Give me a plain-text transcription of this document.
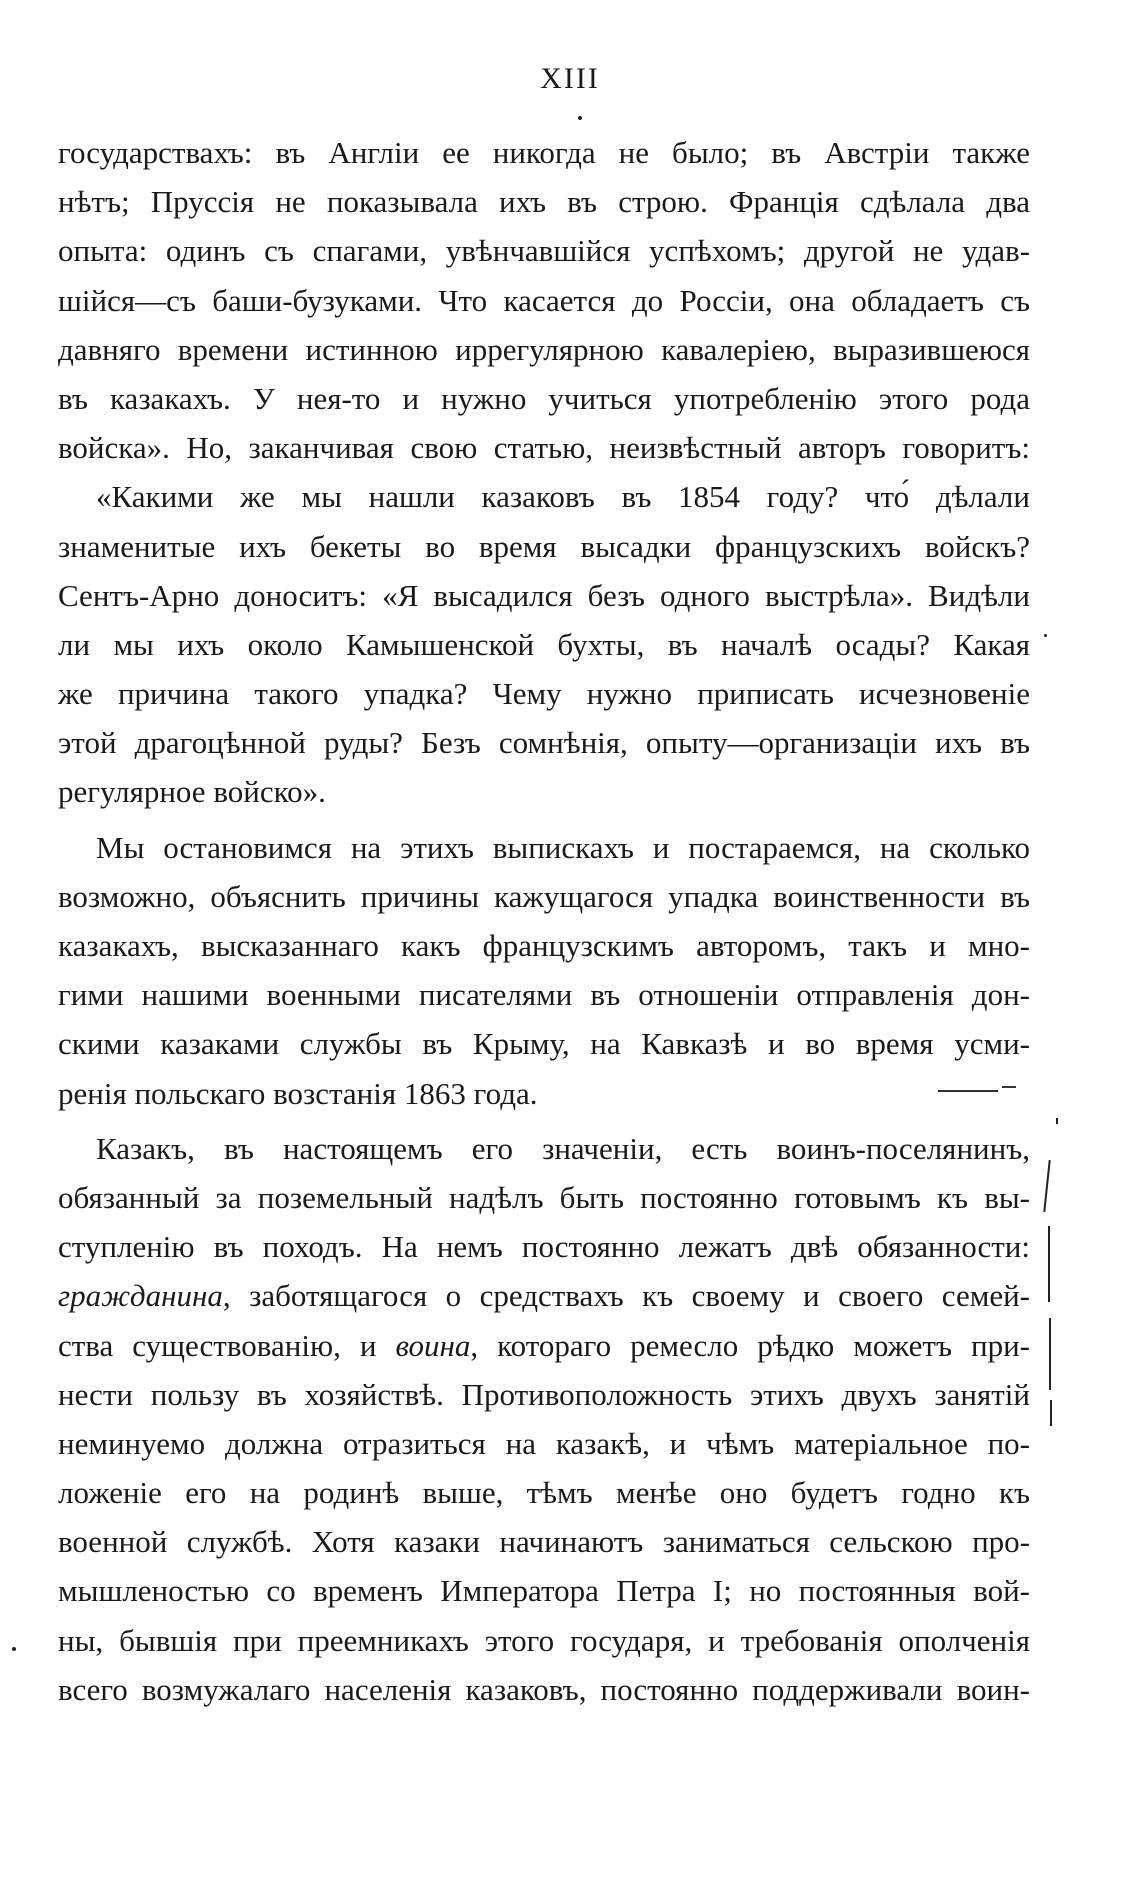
XIII
государствахъ: въ Англіи ее никогда не было; въ Австріи также
нѣтъ; Пруссія не показывала ихъ въ строю. Франція сдѣлала два
опыта: одинъ съ спагами, увѣнчавшійся успѣхомъ; другой не удав-
шійся—съ баши-бузуками. Что касается до Россіи, она обладаетъ съ
давняго времени истинною иррегулярною кавалеріею, выразившеюся
въ казакахъ. У нея-то и нужно учиться употребленію этого рода
войска». Но, заканчивая свою статью, неизвѣстный авторъ говоритъ:
«Какими же мы нашли казаковъ въ 1854 году? что́ дѣлали
знаменитые ихъ бекеты во время высадки французскихъ войскъ?
Сентъ-Арно доноситъ: «Я высадился безъ одного выстрѣла». Видѣли
ли мы ихъ около Камышенской бухты, въ началѣ осады? Какая
же причина такого упадка? Чему нужно приписать исчезновеніе
этой драгоцѣнной руды? Безъ сомнѣнія, опыту—организаціи ихъ въ
регулярное войско».
Мы остановимся на этихъ выпискахъ и постараемся, на сколько
возможно, объяснить причины кажущагося упадка воинственности въ
казакахъ, высказаннаго какъ французскимъ авторомъ, такъ и мно-
гими нашими военными писателями въ отношеніи отправленія дон-
скими казаками службы въ Крыму, на Кавказѣ и во время усми-
ренія польскаго возстанія 1863 года.
Казакъ, въ настоящемъ его значеніи, есть воинъ-поселянинъ,
обязанный за поземельный надѣлъ быть постоянно готовымъ къ вы-
ступленію въ походъ. На немъ постоянно лежатъ двѣ обязанности:
гражданина, заботящагося о средствахъ къ своему и своего семей-
ства существованію, и воина, котораго ремесло рѣдко можетъ при-
нести пользу въ хозяйствѣ. Противоположность этихъ двухъ занятій
неминуемо должна отразиться на казакѣ, и чѣмъ матеріальное по-
ложеніе его на родинѣ выше, тѣмъ менѣе оно будетъ годно къ
военной службѣ. Хотя казаки начинаютъ заниматься сельскою про-
мышленостью со временъ Императора Петра I; но постоянныя вой-
ны, бывшія при преемникахъ этого государя, и требованія ополченія
всего возмужалаго населенія казаковъ, постоянно поддерживали воин-
